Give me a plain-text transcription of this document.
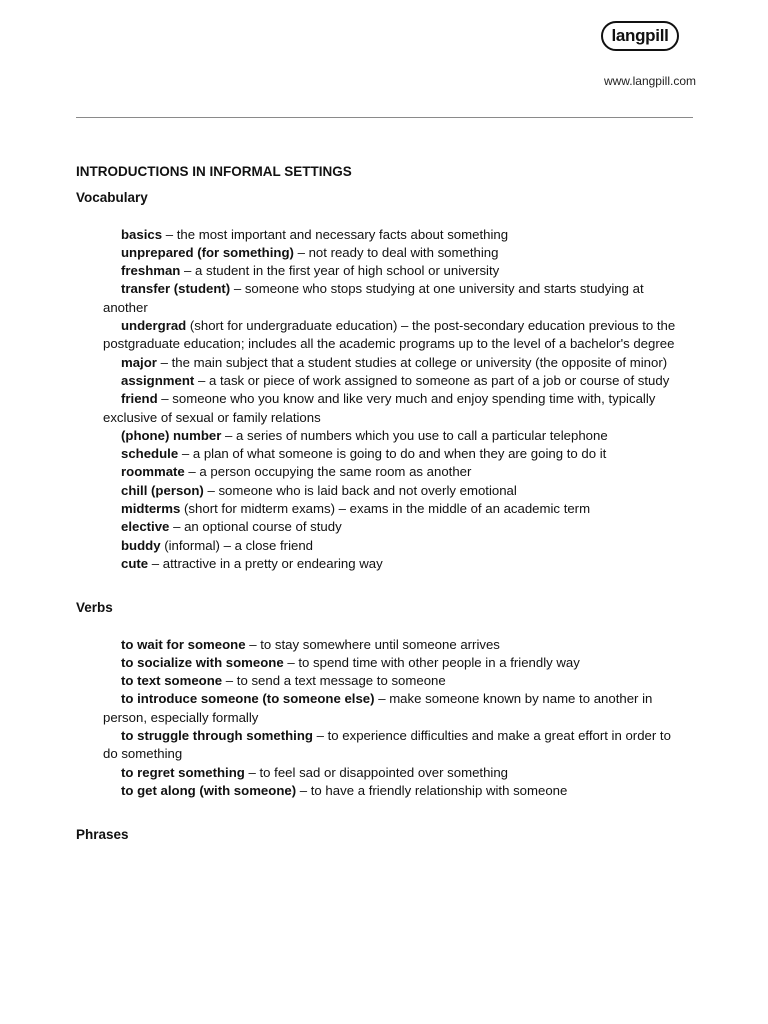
langpill
www.langpill.com
INTRODUCTIONS IN INFORMAL SETTINGS
Vocabulary
basics – the most important and necessary facts about something
unprepared (for something) – not ready to deal with something
freshman – a student in the first year of high school or university
transfer (student) – someone who stops studying at one university and starts studying at another
undergrad (short for undergraduate education) – the post-secondary education previous to the postgraduate education; includes all the academic programs up to the level of a bachelor's degree
major – the main subject that a student studies at college or university (the opposite of minor)
assignment – a task or piece of work assigned to someone as part of a job or course of study
friend – someone who you know and like very much and enjoy spending time with, typically exclusive of sexual or family relations
(phone) number – a series of numbers which you use to call a particular telephone
schedule – a plan of what someone is going to do and when they are going to do it
roommate – a person occupying the same room as another
chill (person) – someone who is laid back and not overly emotional
midterms (short for midterm exams) – exams in the middle of an academic term
elective – an optional course of study
buddy (informal) – a close friend
cute – attractive in a pretty or endearing way
Verbs
to wait for someone – to stay somewhere until someone arrives
to socialize with someone – to spend time with other people in a friendly way
to text someone – to send a text message to someone
to introduce someone (to someone else) – make someone known by name to another in person, especially formally
to struggle through something – to experience difficulties and make a great effort in order to do something
to regret something – to feel sad or disappointed over something
to get along (with someone) – to have a friendly relationship with someone
Phrases
